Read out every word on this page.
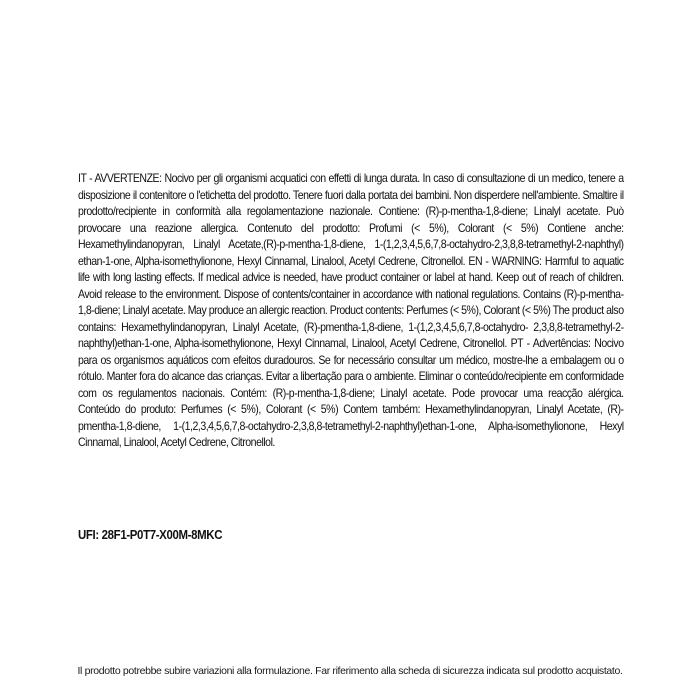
IT - AVVERTENZE: Nocivo per gli organismi acquatici con effetti di lunga durata. In caso di consultazione di un medico, tenere a disposizione il contenitore o l'etichetta del prodotto. Tenere fuori dalla portata dei bambini. Non disperdere nell'ambiente. Smaltire il prodotto/recipiente in conformità alla regolamentazione nazionale. Contiene: (R)-p-mentha-1,8-diene; Linalyl acetate. Può provocare una reazione allergica. Contenuto del prodotto: Profumi (< 5%), Colorant (< 5%) Contiene anche: Hexamethylindanopyran, Linalyl Acetate,(R)-p-mentha-1,8-diene, 1-(1,2,3,4,5,6,7,8-octahydro-2,3,8,8-tetramethyl-2-naphthyl) ethan-1-one, Alpha-isomethylionone, Hexyl Cinnamal, Linalool, Acetyl Cedrene, Citronellol. EN - WARNING: Harmful to aquatic life with long lasting effects. If medical advice is needed, have product container or label at hand. Keep out of reach of children. Avoid release to the environment. Dispose of contents/container in accordance with national regulations. Contains (R)-p-mentha-1,8-diene; Linalyl acetate. May produce an allergic reaction. Product contents: Perfumes (< 5%), Colorant (< 5%) The product also contains: Hexamethylindanopyran, Linalyl Acetate, (R)-pmentha-1,8-diene, 1-(1,2,3,4,5,6,7,8-octahydro- 2,3,8,8-tetramethyl-2-naphthyl)ethan-1-one, Alpha-isomethylionone, Hexyl Cinnamal, Linalool, Acetyl Cedrene, Citronellol. PT - Advertências: Nocivo para os organismos aquáticos com efeitos duradouros. Se for necessário consultar um médico, mostre-lhe a embalagem ou o rótulo. Manter fora do alcance das crianças. Evitar a libertação para o ambiente. Eliminar o conteúdo/recipiente em conformidade com os regulamentos nacionais. Contém: (R)-p-mentha-1,8-diene; Linalyl acetate. Pode provocar uma reacção alérgica. Conteúdo do produto: Perfumes (< 5%), Colorant (< 5%) Contem também: Hexamethylindanopyran, Linalyl Acetate, (R)-pmentha-1,8-diene, 1-(1,2,3,4,5,6,7,8-octahydro-2,3,8,8-tetramethyl-2-naphthyl)ethan-1-one, Alpha-isomethylionone, Hexyl Cinnamal, Linalool, Acetyl Cedrene, Citronellol.

UFI: 28F1-P0T7-X00M-8MKC

Il prodotto potrebbe subire variazioni alla formulazione. Far riferimento alla scheda di sicurezza indicata sul prodotto acquistato.
